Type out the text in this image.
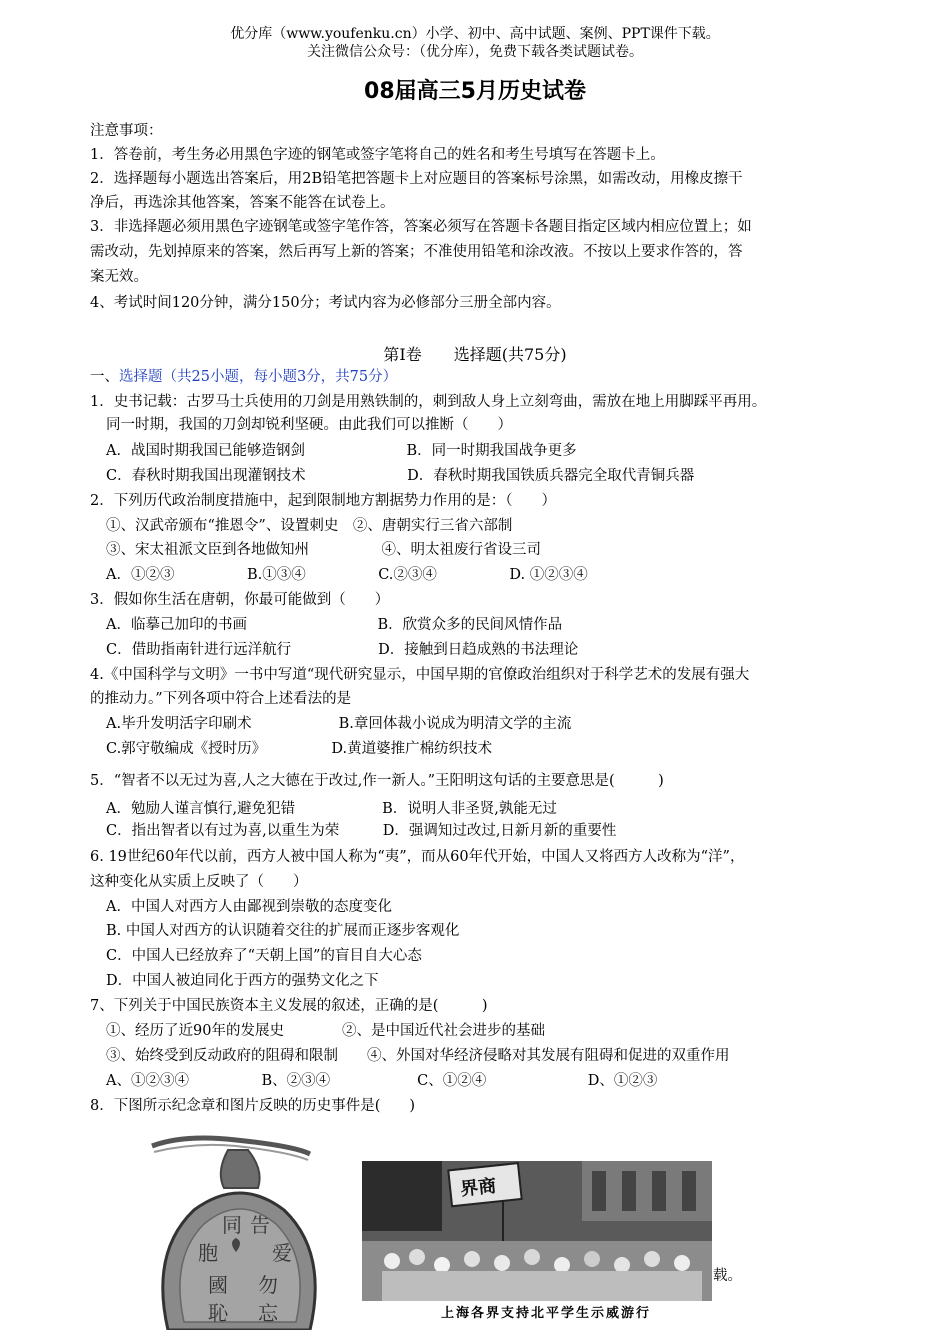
优分库（www.youfenku.cn）小学、初中、高中试题、案例、PPT课件下载。
关注微信公众号：（优分库），免费下载各类试题试卷。
08届高三5月历史试卷
注意事项：
1．答卷前，考生务必用黑色字迹的钢笔或签字笔将自己的姓名和考生号填写在答题卡上。
2．选择题每小题选出答案后，用2B铅笔把答题卡上对应题目的答案标号涂黑，如需改动，用橡皮擦干
净后，再选涂其他答案，答案不能答在试卷上。
3．非选择题必须用黑色字迹钢笔或签字笔作答，答案必须写在答题卡各题目指定区域内相应位置上；如
需改动，先划掉原来的答案，然后再写上新的答案；不准使用铅笔和涂改液。不按以上要求作答的，答
案无效。
4、考试时间120分钟，满分150分；考试内容为必修部分三册全部内容。
第Ⅰ卷　　选择题(共75分)
一、选择题（共25小题，每小题3分，共75分）
1．史书记载：古罗马士兵使用的刀剑是用熟铁制的，刺到敌人身上立刻弯曲，需放在地上用脚踩平再用。
同一时期，我国的刀剑却锐利坚硬。由此我们可以推断（　　）
A．战国时期我国已能够造钢剑　　　　　　　B．同一时期我国战争更多
C．春秋时期我国出现灌钢技术　　　　　　　D．春秋时期我国铁质兵器完全取代青铜兵器
2．下列历代政治制度措施中，起到限制地方割据势力作用的是：（　　）
①、汉武帝颁布“推恩令”、设置刺史　②、唐朝实行三省六部制
③、宋太祖派文臣到各地做知州　　　　　④、明太祖废行省设三司
A．①②③　　　　　B.①③④　　　　　C.②③④　　　　　D. ①②③④
3．假如你生活在唐朝，你最可能做到（　　）
A．临摹己加印的书画　　　　　　　　　B．欣赏众多的民间风情作品
C．借助指南针进行远洋航行　　　　　　D．接触到日趋成熟的书法理论
4.《中国科学与文明》一书中写道“现代研究显示，中国早期的官僚政治组织对于科学艺术的发展有强大
的推动力。”下列各项中符合上述看法的是
A.毕升发明活字印刷术　　　　　　B.章回体裁小说成为明清文学的主流
C.郭守敬编成《授时历》　　　　　D.黄道婆推广棉纺织技术
5．“智者不以无过为喜,人之大德在于改过,作一新人。”王阳明这句话的主要意思是(　　　)
A．勉励人谨言慎行,避免犯错　　　　　　B．说明人非圣贤,孰能无过
C．指出智者以有过为喜,以重生为荣　　　D．强调知过改过,日新月新的重要性
6. 19世纪60年代以前，西方人被中国人称为“夷”，而从60年代开始，中国人又将西方人改称为“洋”，
这种变化从实质上反映了（　　）
A．中国人对西方人由鄙视到崇敬的态度变化
B. 中国人对西方的认识随着交往的扩展而正逐步客观化
C．中国人已经放弃了“天朝上国”的盲目自大心态
D．中国人被迫同化于西方的强势文化之下
7、下列关于中国民族资本主义发展的叙述，正确的是(　　　)
①、经历了近90年的发展史　　　　②、是中国近代社会进步的基础
③、始终受到反动政府的阻碍和限制　　④、外国对华经济侵略对其发展有阻碍和促进的双重作用
A、①②③④　　　　　B、②③④　　　　　　C、①②④　　　　　　　D、①②③
8．下图所示纪念章和图片反映的历史事件是(　　)
同 告
胞	爱
國 勿
恥 忘
界商
上海各界支持北平学生示威游行
载。
